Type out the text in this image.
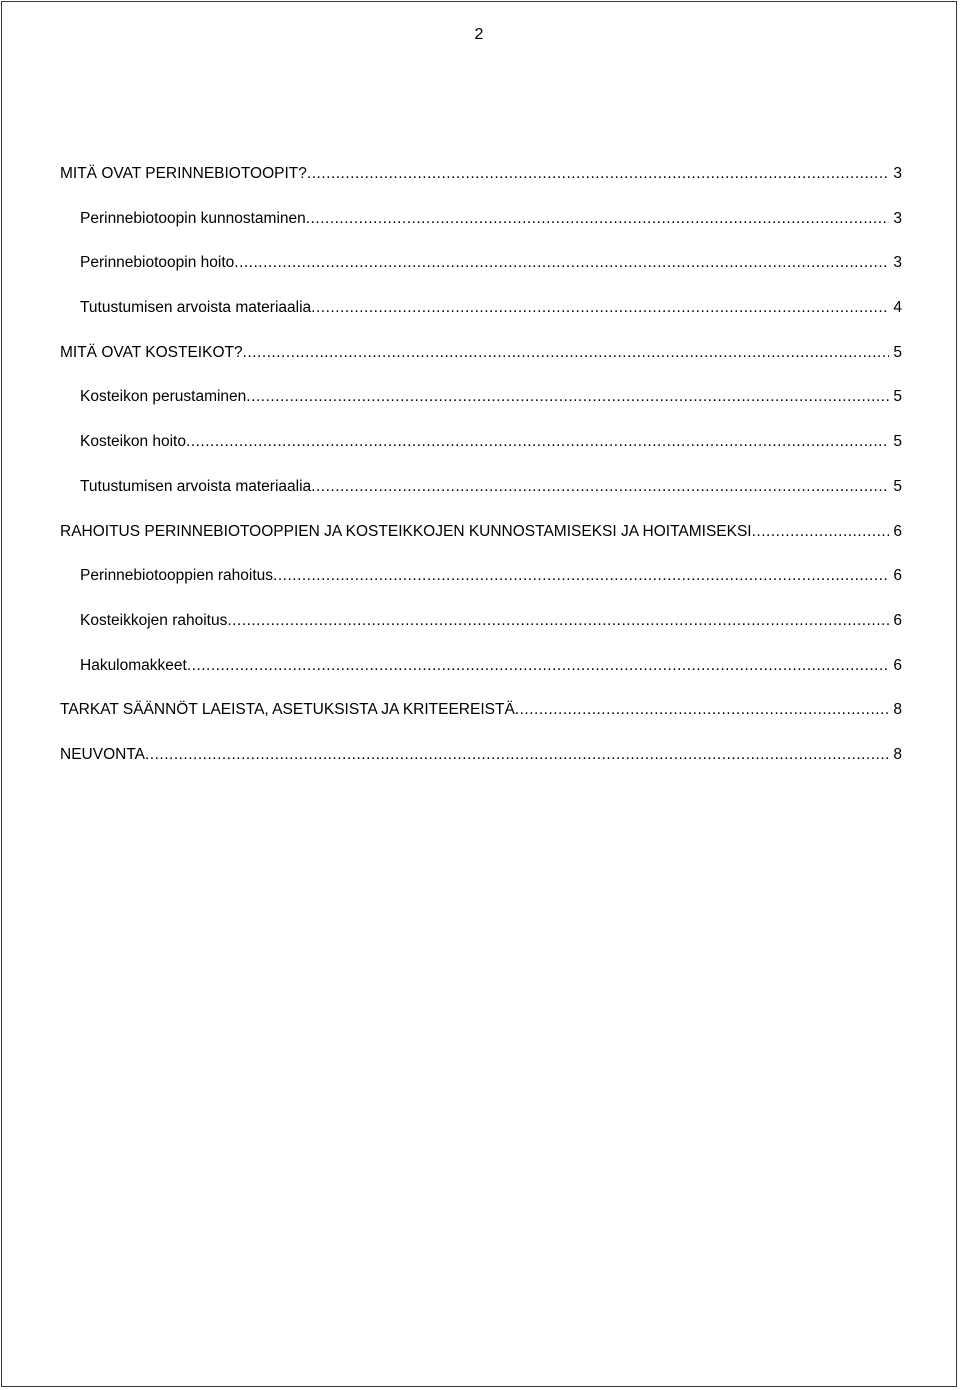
2
MITÄ OVAT PERINNEBIOTOOPIT? .....	3
Perinnebiotoopin kunnostaminen .....	3
Perinnebiotoopin hoito .....	3
Tutustumisen arvoista materiaalia .....	4
MITÄ OVAT KOSTEIKOT? .....	5
Kosteikon perustaminen .....	5
Kosteikon hoito .....	5
Tutustumisen arvoista materiaalia .....	5
RAHOITUS PERINNEBIOTOOPPIEN JA KOSTEIKKOJEN KUNNOSTAMISEKSI JA HOITAMISEKSI .....	6
Perinnebiotooppien rahoitus .....	6
Kosteikkojen rahoitus .....	6
Hakulomakkeet .....	6
TARKAT SÄÄNNÖT LAEISTA, ASETUKSISTA JA KRITEEREISTÄ .....	8
NEUVONTA .....	8
